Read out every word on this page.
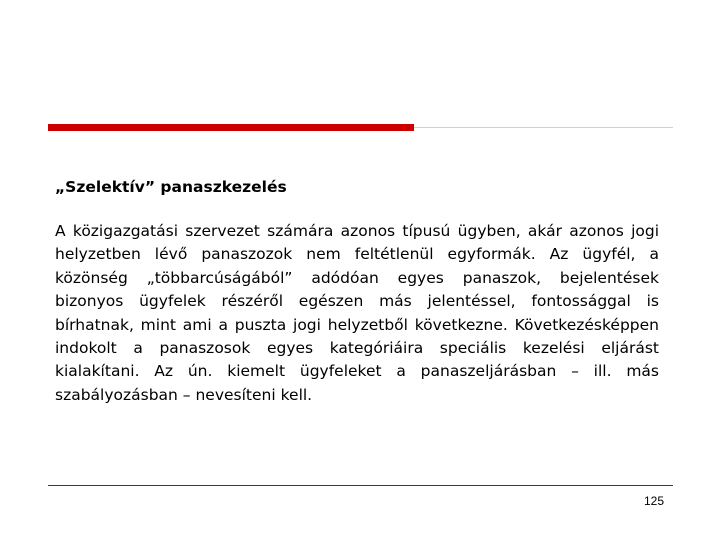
„Szelektív” panaszkezelés

A közigazgatási szervezet számára azonos típusú ügyben, akár azonos jogi helyzetben lévő panaszozok nem feltétlenül egyformák. Az ügyfél, a közönség „többarcúságából” adódóan egyes panaszok, bejelentések bizonyos ügyfelek részéről egészen más jelentéssel, fontossággal is bírhatnak, mint ami a puszta jogi helyzetből következne. Következésképpen indokolt a panaszosok egyes kategóriáira speciális kezelési eljárást kialakítani. Az ún. kiemelt ügyfeleket a panaszeljárásban – ill. más szabályozásban – nevesíteni kell.

125
